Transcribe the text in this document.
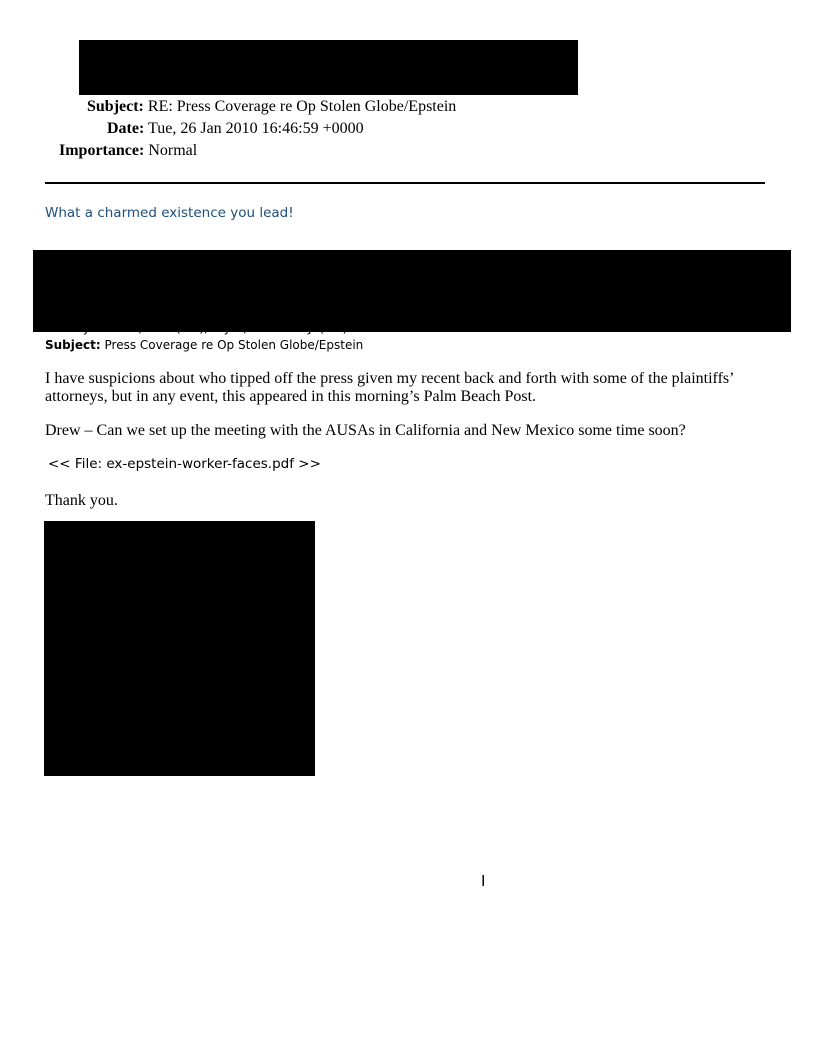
Subject: RE: Press Coverage re Op Stolen Globe/Epstein
Date: Tue, 26 Jan 2010 16:46:59 +0000
Importance: Normal
What a charmed existence you lead!
Subject: Press Coverage re Op Stolen Globe/Epstein
I have suspicions about who tipped off the press given my recent back and forth with some of the plaintiffs’ attorneys, but in any event, this appeared in this morning’s Palm Beach Post.
Drew – Can we set up the meeting with the AUSAs in California and New Mexico some time soon?
<< File: ex-epstein-worker-faces.pdf >>
Thank you.
I
